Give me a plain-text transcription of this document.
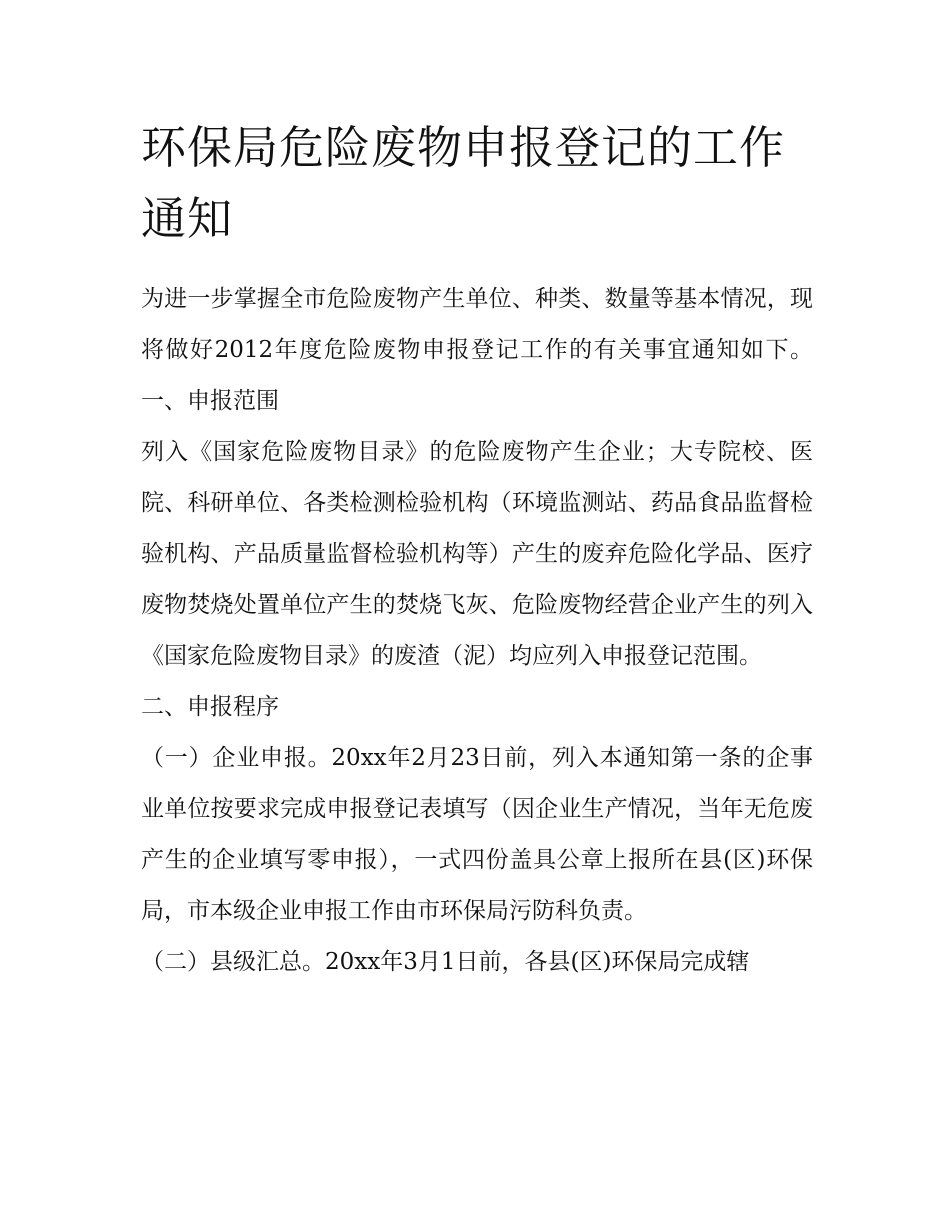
环保局危险废物申报登记的工作通知

为进一步掌握全市危险废物产生单位、种类、数量等基本情况，现将做好2012年度危险废物申报登记工作的有关事宜通知如下。 一、申报范围

列入《国家危险废物目录》的危险废物产生企业；大专院校、医院、科研单位、各类检测检验机构（环境监测站、药品食品监督检验机构、产品质量监督检验机构等）产生的废弃危险化学品、医疗废物焚烧处置单位产生的焚烧飞灰、危险废物经营企业产生的列入《国家危险废物目录》的废渣（泥）均应列入申报登记范围。

二、申报程序

（一）企业申报。20xx年2月23日前，列入本通知第一条的企事业单位按要求完成申报登记表填写（因企业生产情况，当年无危废产生的企业填写零申报），一式四份盖具公章上报所在县(区)环保局，市本级企业申报工作由市环保局污防科负责。

（二）县级汇总。20xx年3月1日前，各县(区)环保局完成辖
